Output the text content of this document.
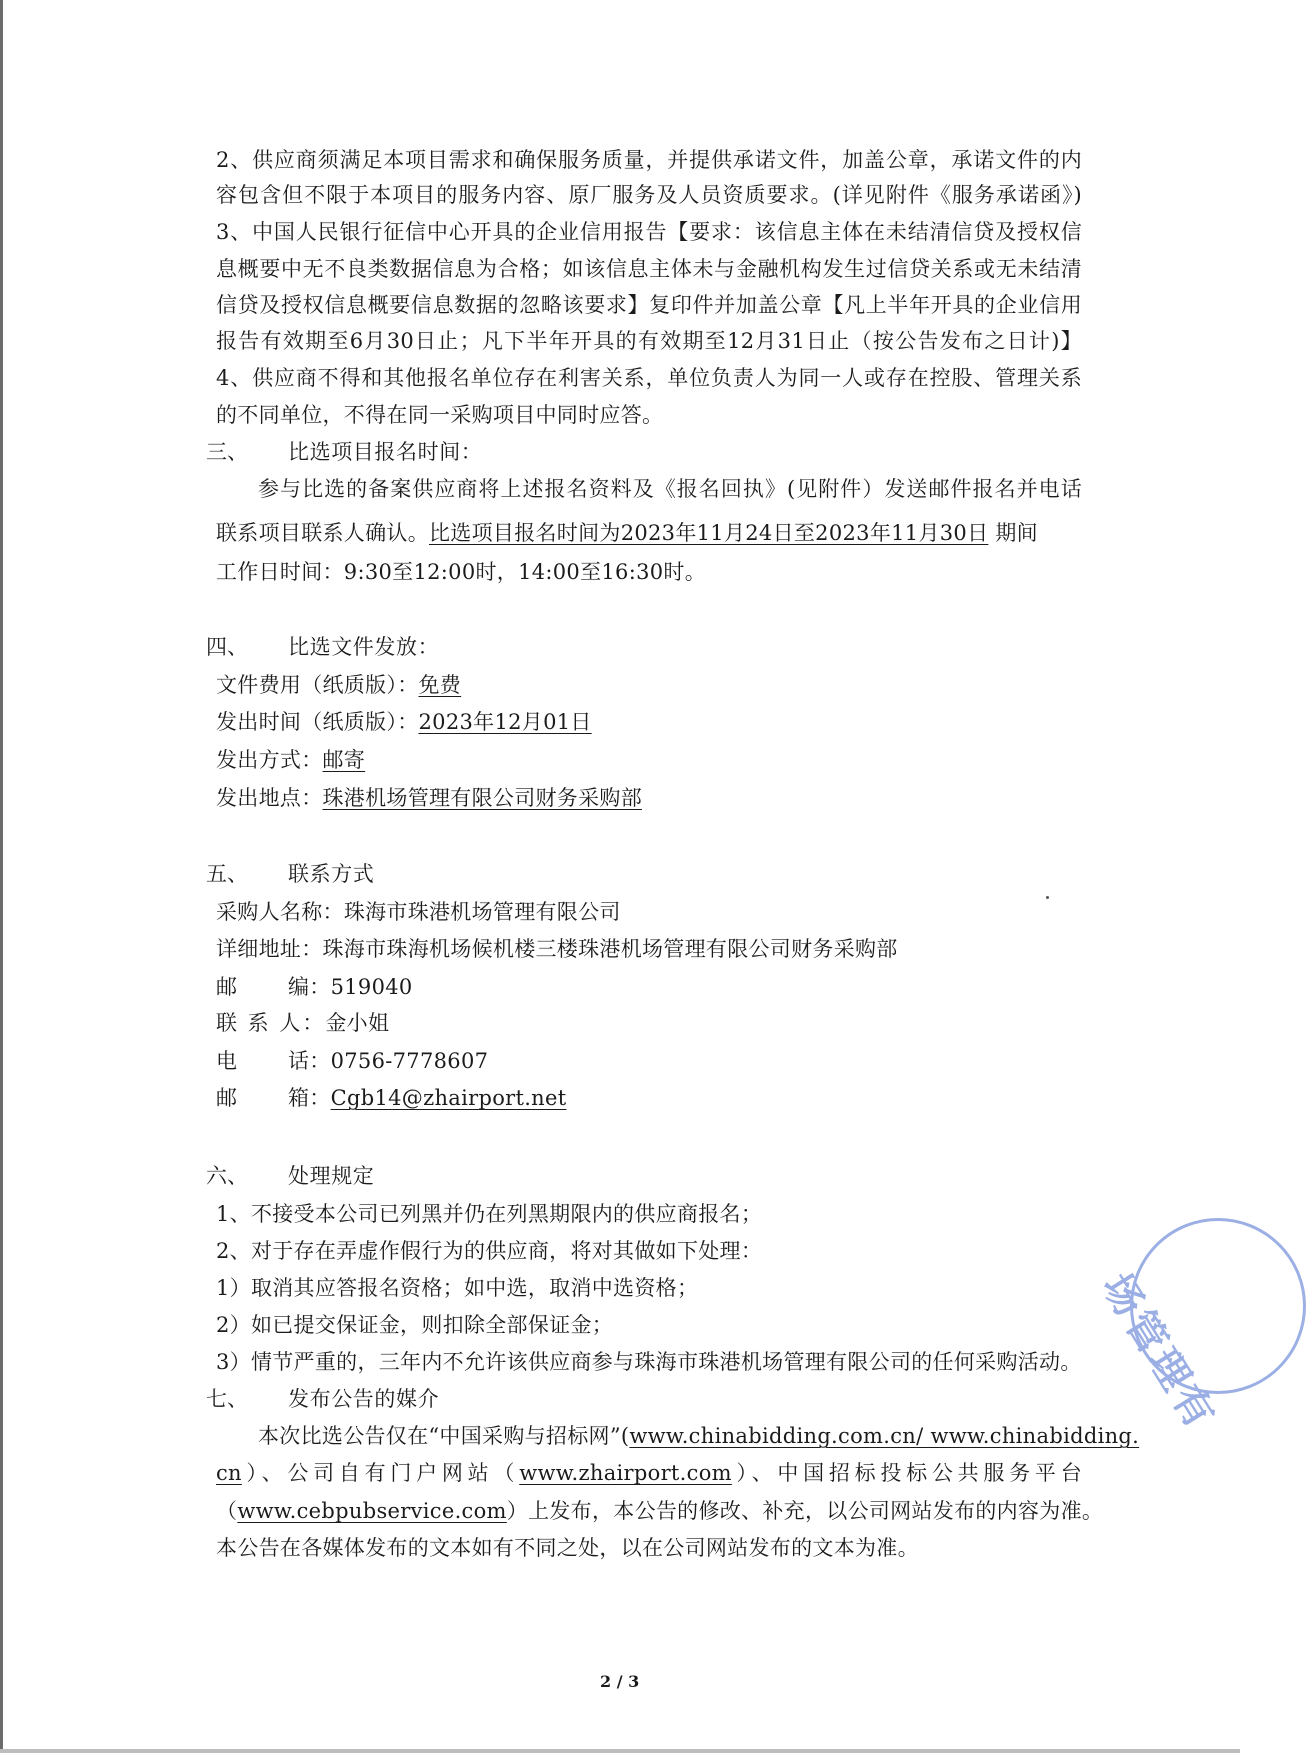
2、供应商须满足本项目需求和确保服务质量，并提供承诺文件，加盖公章，承诺文件的内
容包含但不限于本项目的服务内容、原厂服务及人员资质要求。(详见附件《服务承诺函》)
3、中国人民银行征信中心开具的企业信用报告【要求：该信息主体在未结清信贷及授权信
息概要中无不良类数据信息为合格；如该信息主体未与金融机构发生过信贷关系或无未结清
信贷及授权信息概要信息数据的忽略该要求】复印件并加盖公章【凡上半年开具的企业信用
报告有效期至6月30日止；凡下半年开具的有效期至12月31日止（按公告发布之日计)】
4、供应商不得和其他报名单位存在利害关系，单位负责人为同一人或存在控股、管理关系
的不同单位，不得在同一采购项目中同时应答。
三、 比选项目报名时间：
参与比选的备案供应商将上述报名资料及《报名回执》(见附件）发送邮件报名并电话
联系项目联系人确认。比选项目报名时间为2023年11月24日至2023年11月30日 期间
工作日时间：9:30至12:00时，14:00至16:30时。
四、 比选文件发放：
文件费用（纸质版）：免费
发出时间（纸质版）：2023年12月01日
发出方式：邮寄
发出地点：珠港机场管理有限公司财务采购部
五、 联系方式
采购人名称：珠海市珠港机场管理有限公司
详细地址：珠海市珠海机场候机楼三楼珠港机场管理有限公司财务采购部
邮 编：519040
联 系 人：金小姐
电 话：0756-7778607
邮 箱：Cgb14@zhairport.net
六、 处理规定
1、不接受本公司已列黑并仍在列黑期限内的供应商报名；
2、对于存在弄虚作假行为的供应商，将对其做如下处理：
1）取消其应答报名资格；如中选，取消中选资格；
2）如已提交保证金，则扣除全部保证金；
3）情节严重的，三年内不允许该供应商参与珠海市珠港机场管理有限公司的任何采购活动。
七、 发布公告的媒介
本次比选公告仅在“中国采购与招标网”(www.chinabidding.com.cn/ www.chinabidding.
cn）、公司自有门户网站（www.zhairport.com）、中国招标投标公共服务平台
（www.cebpubservice.com）上发布，本公告的修改、补充，以公司网站发布的内容为准。
本公告在各媒体发布的文本如有不同之处，以在公司网站发布的文本为准。
2 / 3
场管理有
